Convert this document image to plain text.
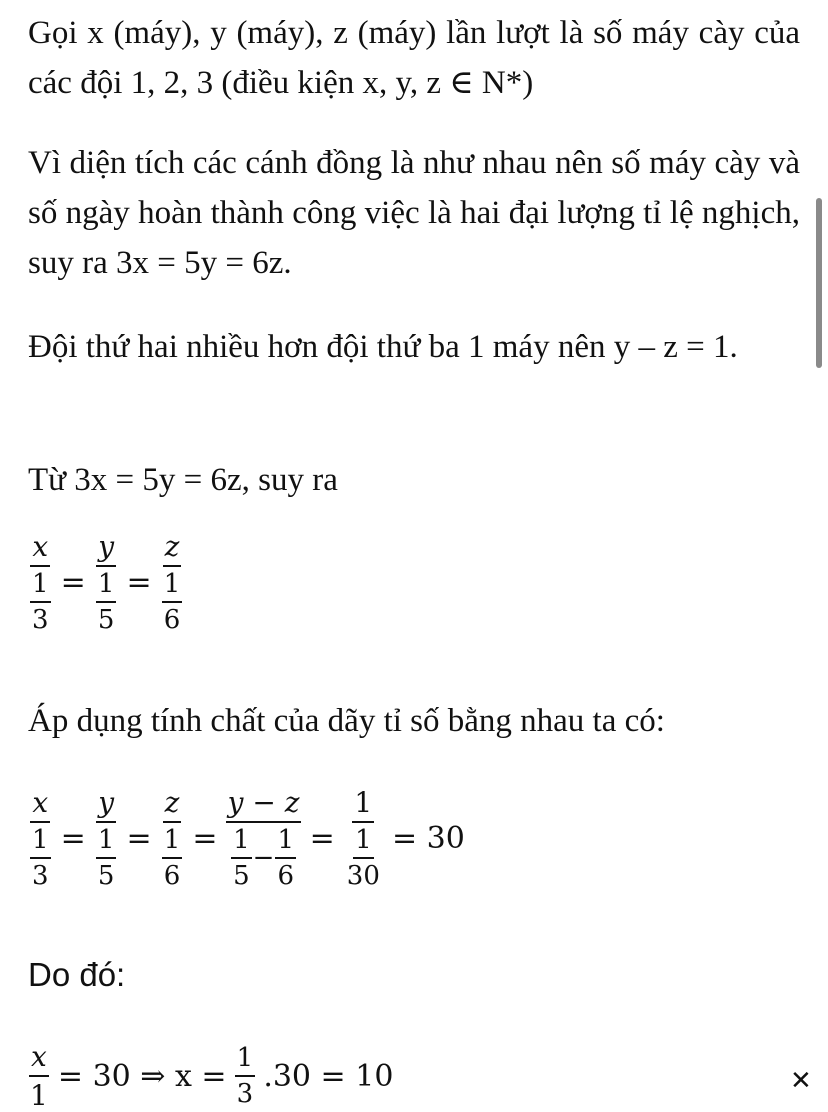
Gọi x (máy), y (máy), z (máy) lần lượt là số máy cày của các đội 1, 2, 3 (điều kiện x, y, z ∈ N*)

Vì diện tích các cánh đồng là như nhau nên số máy cày và số ngày hoàn thành công việc là hai đại lượng tỉ lệ nghịch, suy ra 3x = 5y = 6z.

Đội thứ hai nhiều hơn đội thứ ba 1 máy nên y – z = 1.

Từ 3x = 5y = 6z, suy ra

$\frac{x}{\frac{1}{3}} = \frac{y}{\frac{1}{5}} = \frac{z}{\frac{1}{6}}$

Áp dụng tính chất của dãy tỉ số bằng nhau ta có:

$\frac{x}{\frac{1}{3}} = \frac{y}{\frac{1}{5}} = \frac{z}{\frac{1}{6}} = \frac{y - z}{\frac{1}{5} - \frac{1}{6}} = \frac{1}{\frac{1}{30}} = 30$

Do đó:

$\frac{x}{1} = 30$ ⇒ $x = \frac{1}{3} .30 = 10$	✕
